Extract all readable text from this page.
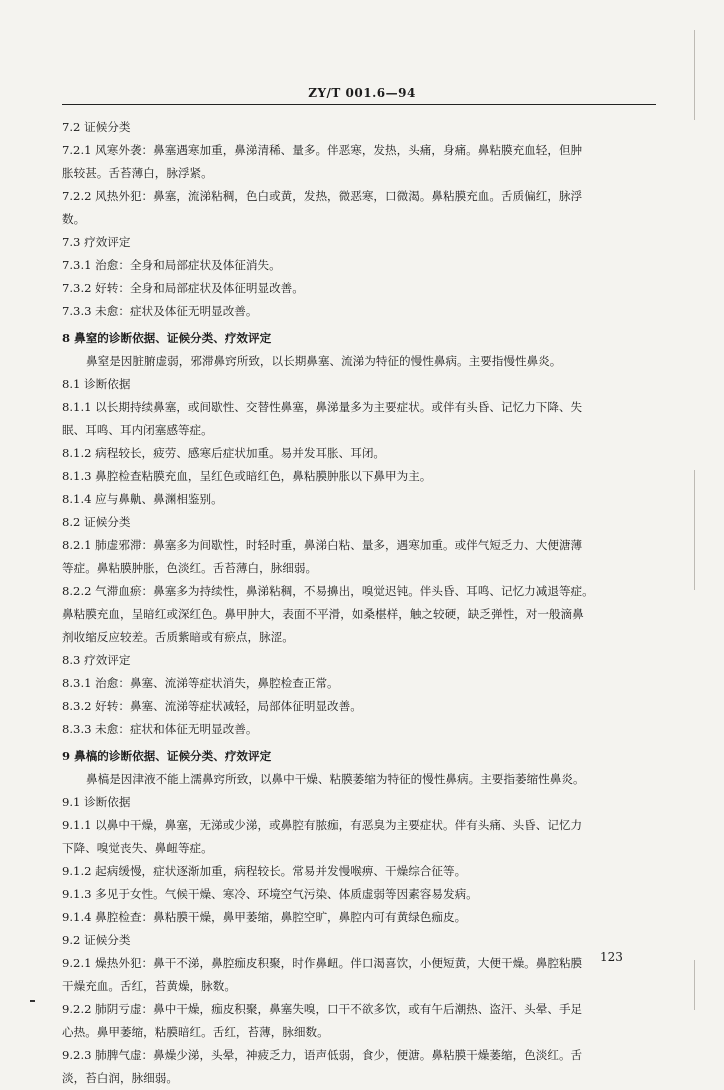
ZY/T 001.6—94
7.2 证候分类
7.2.1 风寒外袭：鼻塞遇寒加重，鼻涕清稀、量多。伴恶寒，发热，头痛，身痛。鼻粘膜充血轻，但肿
胀较甚。舌苔薄白，脉浮紧。
7.2.2 风热外犯：鼻塞，流涕粘稠，色白或黄，发热，微恶寒，口微渴。鼻粘膜充血。舌质偏红，脉浮
数。
7.3 疗效评定
7.3.1 治愈：全身和局部症状及体征消失。
7.3.2 好转：全身和局部症状及体征明显改善。
7.3.3 未愈：症状及体征无明显改善。
8 鼻窒的诊断依据、证候分类、疗效评定
鼻窒是因脏腑虚弱，邪滞鼻窍所致，以长期鼻塞、流涕为特征的慢性鼻病。主要指慢性鼻炎。
8.1 诊断依据
8.1.1 以长期持续鼻塞，或间歇性、交替性鼻塞，鼻涕量多为主要症状。或伴有头昏、记忆力下降、失
眠、耳鸣、耳内闭塞感等症。
8.1.2 病程较长，疲劳、感寒后症状加重。易并发耳胀、耳闭。
8.1.3 鼻腔检查粘膜充血，呈红色或暗红色，鼻粘膜肿胀以下鼻甲为主。
8.1.4 应与鼻鼽、鼻渊相鉴别。
8.2 证候分类
8.2.1 肺虚邪滞：鼻塞多为间歇性，时轻时重，鼻涕白粘、量多，遇寒加重。或伴气短乏力、大便溏薄
等症。鼻粘膜肿胀，色淡红。舌苔薄白，脉细弱。
8.2.2 气滞血瘀：鼻塞多为持续性，鼻涕粘稠，不易擤出，嗅觉迟钝。伴头昏、耳鸣、记忆力减退等症。
鼻粘膜充血，呈暗红或深红色。鼻甲肿大，表面不平滑，如桑椹样，触之较硬，缺乏弹性，对一般滴鼻
剂收缩反应较差。舌质紫暗或有瘀点，脉涩。
8.3 疗效评定
8.3.1 治愈：鼻塞、流涕等症状消失，鼻腔检查正常。
8.3.2 好转：鼻塞、流涕等症状减轻，局部体征明显改善。
8.3.3 未愈：症状和体征无明显改善。
9 鼻槁的诊断依据、证候分类、疗效评定
鼻槁是因津液不能上濡鼻窍所致，以鼻中干燥、粘膜萎缩为特征的慢性鼻病。主要指萎缩性鼻炎。
9.1 诊断依据
9.1.1 以鼻中干燥，鼻塞，无涕或少涕，或鼻腔有脓痂，有恶臭为主要症状。伴有头痛、头昏、记忆力
下降、嗅觉丧失、鼻衄等症。
9.1.2 起病缓慢，症状逐渐加重，病程较长。常易并发慢喉痹、干燥综合征等。
9.1.3 多见于女性。气候干燥、寒冷、环境空气污染、体质虚弱等因素容易发病。
9.1.4 鼻腔检查：鼻粘膜干燥，鼻甲萎缩，鼻腔空旷，鼻腔内可有黄绿色痂皮。
9.2 证候分类
9.2.1 燥热外犯：鼻干不涕，鼻腔痂皮积聚，时作鼻衄。伴口渴喜饮，小便短黄，大便干燥。鼻腔粘膜
干燥充血。舌红，苔黄燥，脉数。
9.2.2 肺阴亏虚：鼻中干燥，痂皮积聚，鼻塞失嗅，口干不欲多饮，或有午后潮热、盗汗、头晕、手足
心热。鼻甲萎缩，粘膜暗红。舌红，苔薄，脉细数。
9.2.3 肺脾气虚：鼻燥少涕，头晕，神疲乏力，语声低弱，食少，便溏。鼻粘膜干燥萎缩，色淡红。舌
淡，苔白润，脉细弱。
123
